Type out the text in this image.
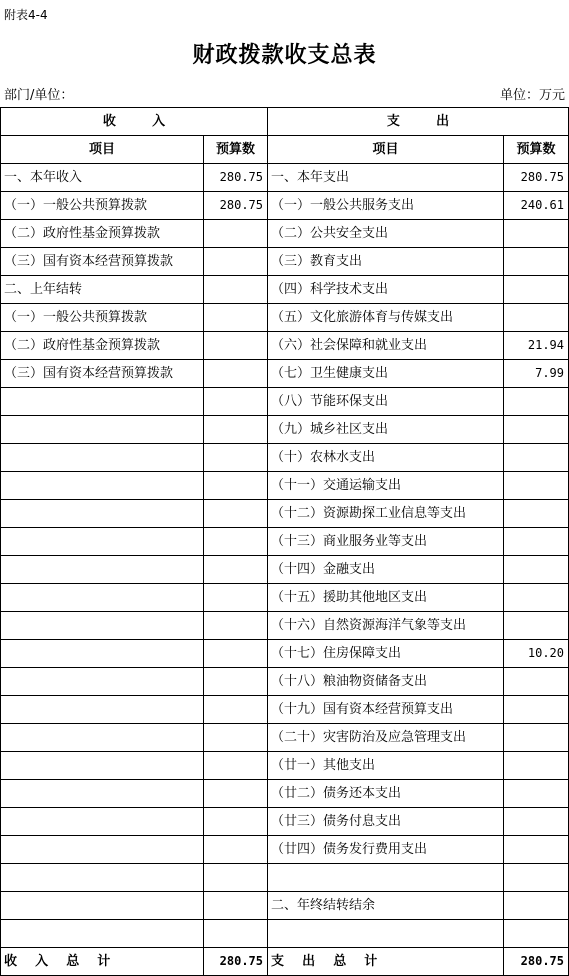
附表4-4
财政拨款收支总表
部门/单位：	单位：万元
收        入		支        出	
项目	预算数	项目	预算数
一、本年收入	280.75	一、本年支出	280.75
（一）一般公共预算拨款	280.75	（一）一般公共服务支出	240.61
（二）政府性基金预算拨款		（二）公共安全支出	
（三）国有资本经营预算拨款		（三）教育支出	
二、上年结转		（四）科学技术支出	
（一）一般公共预算拨款		（五）文化旅游体育与传媒支出	
（二）政府性基金预算拨款		（六）社会保障和就业支出	21.94
（三）国有资本经营预算拨款		（七）卫生健康支出	7.99
		（八）节能环保支出	
		（九）城乡社区支出	
		（十）农林水支出	
		（十一）交通运输支出	
		（十二）资源勘探工业信息等支出	
		（十三）商业服务业等支出	
		（十四）金融支出	
		（十五）援助其他地区支出	
		（十六）自然资源海洋气象等支出	
		（十七）住房保障支出	10.20
		（十八）粮油物资储备支出	
		（十九）国有资本经营预算支出	
		（二十）灾害防治及应急管理支出	
		（廿一）其他支出	
		（廿二）债务还本支出	
		（廿三）债务付息支出	
		（廿四）债务发行费用支出	

		二、年终结转结余	

收    入    总    计	280.75	支    出    总    计	280.75
